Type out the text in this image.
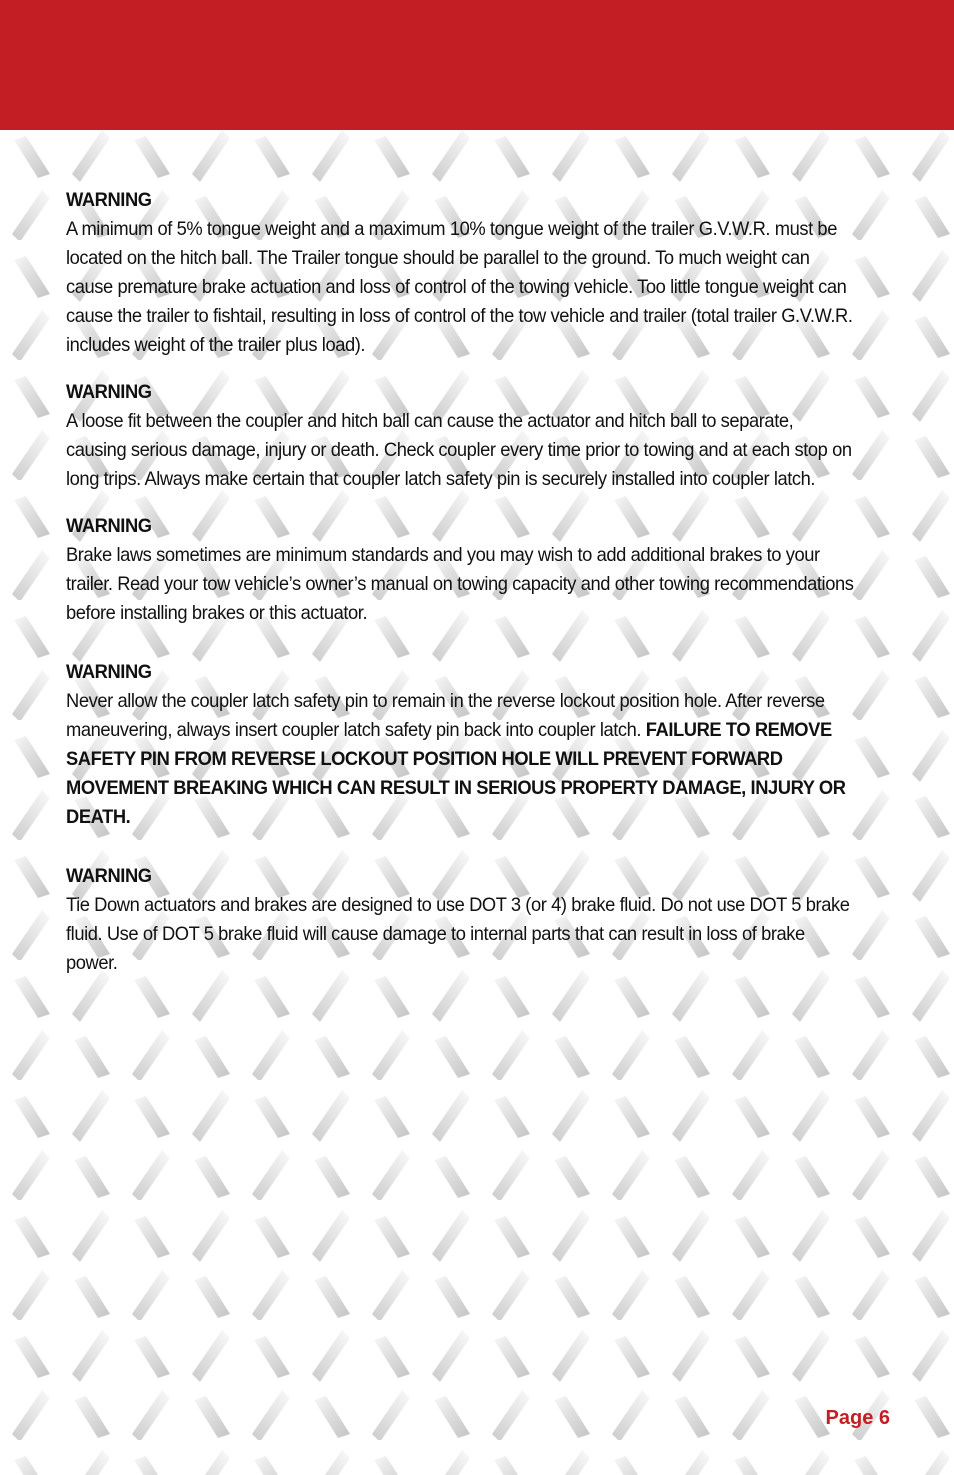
WARNING
A minimum of 5% tongue weight and a maximum 10% tongue weight of the trailer G.V.W.R. must be located on the hitch ball. The Trailer tongue should be parallel to the ground. To much weight can cause premature brake actuation and loss of control of the towing vehicle. Too little tongue weight can cause the trailer to fishtail, resulting in loss of control of the tow vehicle and trailer (total trailer G.V.W.R. includes weight of the trailer plus load).
WARNING
A loose fit between the coupler and hitch ball can cause the actuator and hitch ball to separate, causing serious damage, injury or death. Check coupler every time prior to towing and at each stop on long trips. Always make certain that coupler latch safety pin is securely installed into coupler latch.
WARNING
Brake laws sometimes are minimum standards and you may wish to add additional brakes to your trailer. Read your tow vehicle’s owner’s manual on towing capacity and other towing recommendations before installing brakes or this actuator.
WARNING

Never allow the coupler latch safety pin to remain in the reverse lockout position hole. After reverse maneuvering, always insert coupler latch safety pin back into coupler latch. FAILURE TO REMOVE SAFETY PIN FROM REVERSE LOCKOUT POSITION HOLE WILL PREVENT FORWARD MOVEMENT BREAKING WHICH CAN RESULT IN SERIOUS PROPERTY DAMAGE, INJURY OR DEATH.

WARNING
Tie Down actuators and brakes are designed to use DOT 3 (or 4) brake fluid. Do not use DOT 5 brake fluid. Use of DOT 5 brake fluid will cause damage to internal parts that can result in loss of brake power.
Page 6
